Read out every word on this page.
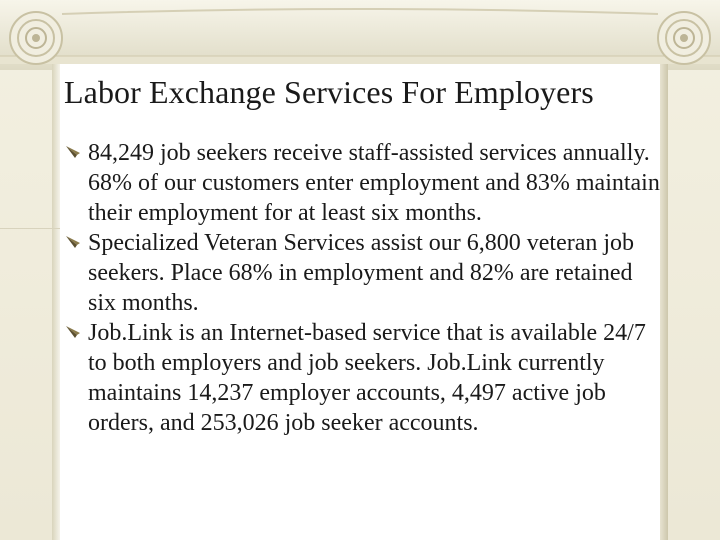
Labor Exchange Services For Employers
84,249 job seekers receive staff-assisted services annually. 68% of our customers enter employment and 83% maintain their employment for at least six months.
Specialized Veteran Services assist our 6,800 veteran job seekers. Place 68% in employment and 82% are retained six months.
Job.Link is an Internet-based service that is available 24/7 to both employers and job seekers. Job.Link currently maintains 14,237 employer accounts, 4,497 active job orders, and 253,026 job seeker accounts.
